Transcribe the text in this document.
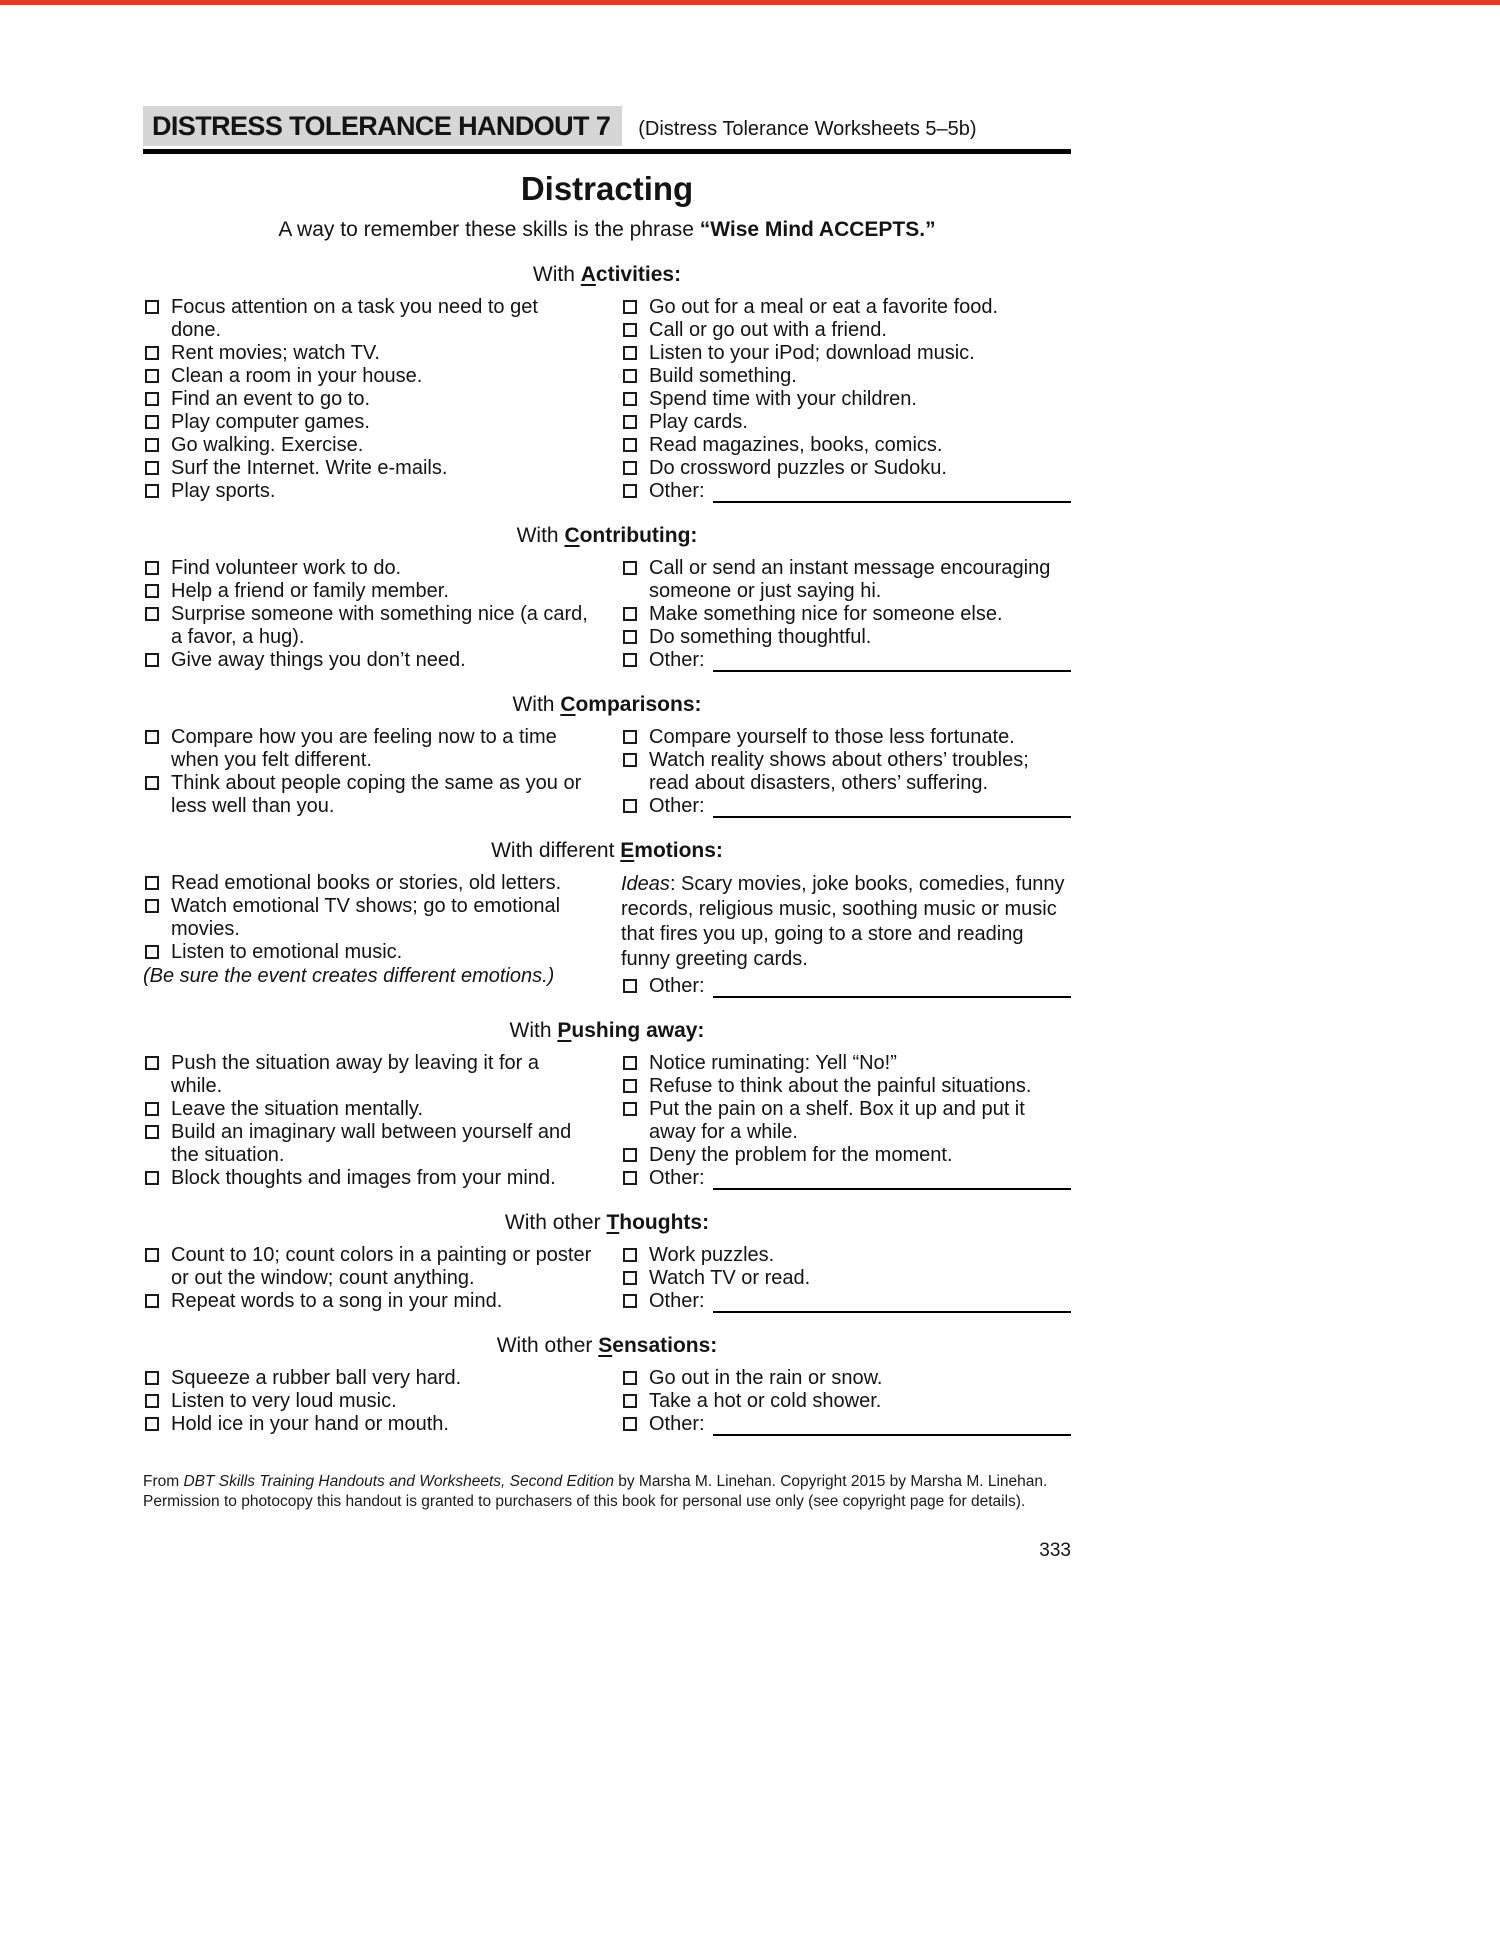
DISTRESS TOLERANCE HANDOUT 7	(Distress Tolerance Worksheets 5–5b)
Distracting

A way to remember these skills is the phrase “Wise Mind ACCEPTS.”

With Activities:
Focus attention on a task you need to get done.
Rent movies; watch TV.
Clean a room in your house.
Find an event to go to.
Play computer games.
Go walking. Exercise.
Surf the Internet. Write e-mails.
Play sports.
Go out for a meal or eat a favorite food.
Call or go out with a friend.
Listen to your iPod; download music.
Build something.
Spend time with your children.
Play cards.
Read magazines, books, comics.
Do crossword puzzles or Sudoku.
Other:
With Contributing:
Find volunteer work to do.
Help a friend or family member.
Surprise someone with something nice (a card, a favor, a hug).
Give away things you don’t need.
Call or send an instant message encouraging someone or just saying hi.
Make something nice for someone else.
Do something thoughtful.
Other:
With Comparisons:
Compare how you are feeling now to a time when you felt different.
Think about people coping the same as you or less well than you.
Compare yourself to those less fortunate.
Watch reality shows about others’ troubles; read about disasters, others’ suffering.
Other:
With different Emotions:
Read emotional books or stories, old letters.
Watch emotional TV shows; go to emotional movies.
Listen to emotional music.
(Be sure the event creates different emotions.)
Ideas: Scary movies, joke books, comedies, funny records, religious music, soothing music or music that fires you up, going to a store and reading funny greeting cards.
Other:
With Pushing away:
Push the situation away by leaving it for a while.
Leave the situation mentally.
Build an imaginary wall between yourself and the situation.
Block thoughts and images from your mind.
Notice ruminating: Yell “No!”
Refuse to think about the painful situations.
Put the pain on a shelf. Box it up and put it away for a while.
Deny the problem for the moment.
Other:
With other Thoughts:
Count to 10; count colors in a painting or poster or out the window; count anything.
Repeat words to a song in your mind.
Work puzzles.
Watch TV or read.
Other:
With other Sensations:
Squeeze a rubber ball very hard.
Listen to very loud music.
Hold ice in your hand or mouth.
Go out in the rain or snow.
Take a hot or cold shower.
Other:

From DBT Skills Training Handouts and Worksheets, Second Edition by Marsha M. Linehan. Copyright 2015 by Marsha M. Linehan. Permission to photocopy this handout is granted to purchasers of this book for personal use only (see copyright page for details).

333
